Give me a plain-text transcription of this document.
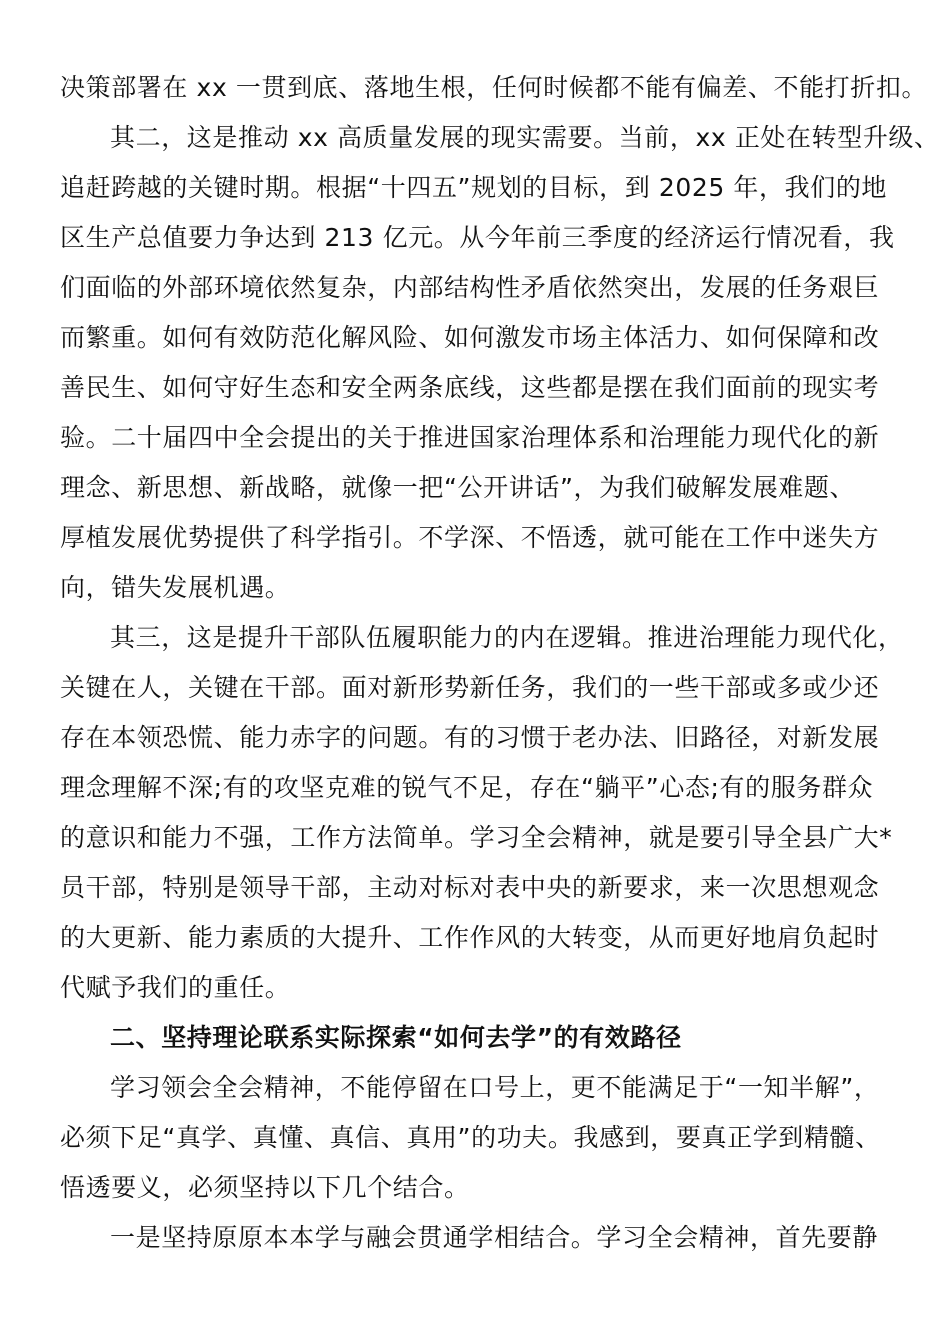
决策部署在 xx 一贯到底、落地生根，任何时候都不能有偏差、不能打折扣。
其二，这是推动 xx 高质量发展的现实需要。当前，xx 正处在转型升级、
追赶跨越的关键时期。根据“十四五”规划的目标，到 2025 年，我们的地
区生产总值要力争达到 213 亿元。从今年前三季度的经济运行情况看，我
们面临的外部环境依然复杂，内部结构性矛盾依然突出，发展的任务艰巨
而繁重。如何有效防范化解风险、如何激发市场主体活力、如何保障和改
善民生、如何守好生态和安全两条底线，这些都是摆在我们面前的现实考
验。二十届四中全会提出的关于推进国家治理体系和治理能力现代化的新
理念、新思想、新战略，就像一把“公开讲话”，为我们破解发展难题、
厚植发展优势提供了科学指引。不学深、不悟透，就可能在工作中迷失方
向，错失发展机遇。
其三，这是提升干部队伍履职能力的内在逻辑。推进治理能力现代化，
关键在人，关键在干部。面对新形势新任务，我们的一些干部或多或少还
存在本领恐慌、能力赤字的问题。有的习惯于老办法、旧路径，对新发展
理念理解不深;有的攻坚克难的锐气不足，存在“躺平”心态;有的服务群众
的意识和能力不强，工作方法简单。学习全会精神，就是要引导全县广大*
员干部，特别是领导干部，主动对标对表中央的新要求，来一次思想观念
的大更新、能力素质的大提升、工作作风的大转变，从而更好地肩负起时
代赋予我们的重任。
二、坚持理论联系实际探索“如何去学”的有效路径
学习领会全会精神，不能停留在口号上，更不能满足于“一知半解”，
必须下足“真学、真懂、真信、真用”的功夫。我感到，要真正学到精髓、
悟透要义，必须坚持以下几个结合。
一是坚持原原本本学与融会贯通学相结合。学习全会精神，首先要静
